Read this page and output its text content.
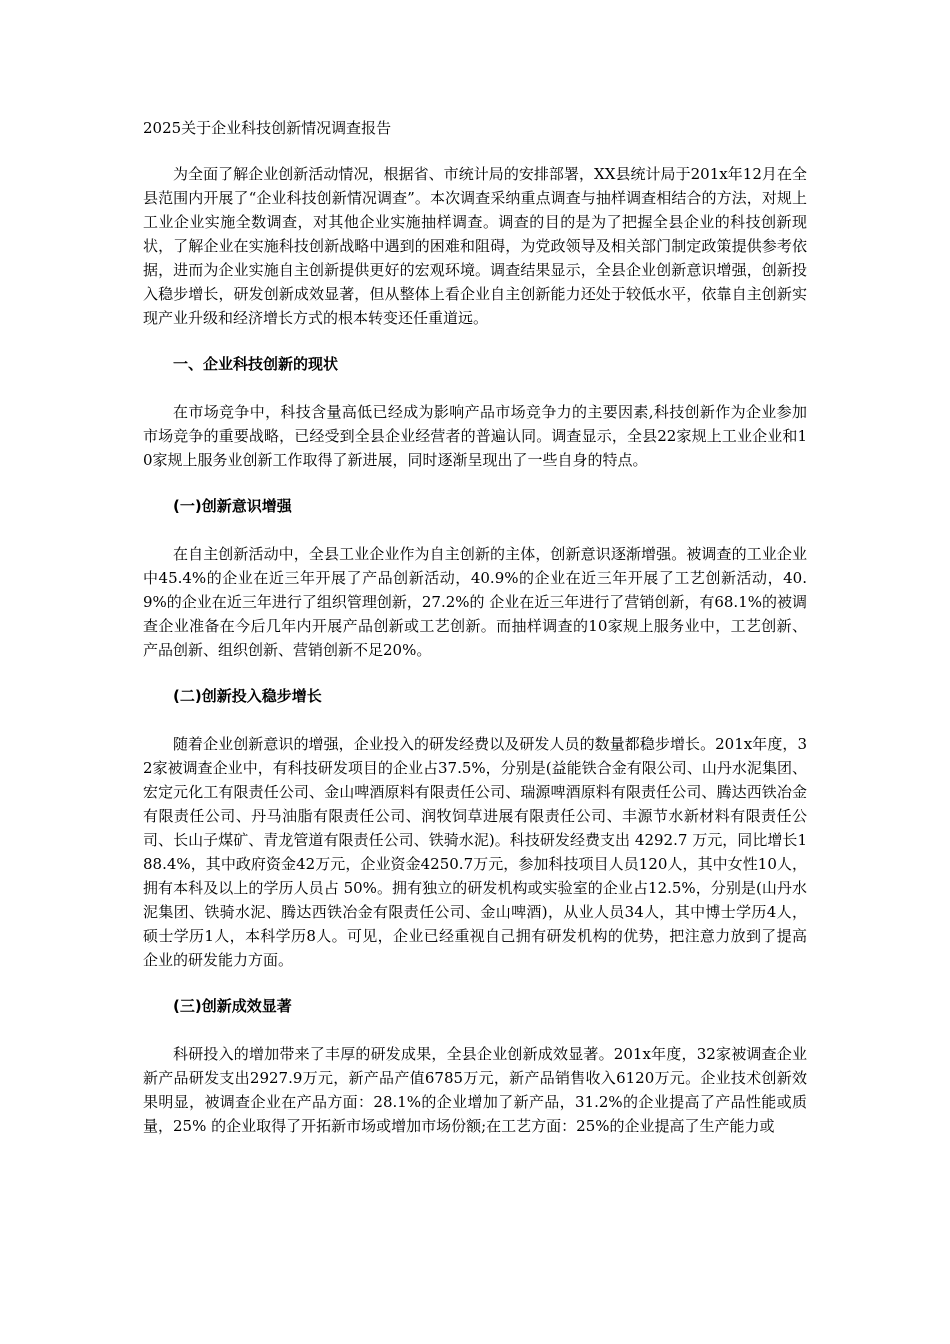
2025关于企业科技创新情况调查报告

为全面了解企业创新活动情况，根据省、市统计局的安排部署，XX县统计局于201x年12月在全县范围内开展了“企业科技创新情况调查”。本次调查采纳重点调查与抽样调查相结合的方法，对规上工业企业实施全数调查，对其他企业实施抽样调查。调查的目的是为了把握全县企业的科技创新现状，了解企业在实施科技创新战略中遇到的困难和阻碍，为党政领导及相关部门制定政策提供参考依据，进而为企业实施自主创新提供更好的宏观环境。调查结果显示，全县企业创新意识增强，创新投入稳步增长，研发创新成效显著，但从整体上看企业自主创新能力还处于较低水平，依靠自主创新实现产业升级和经济增长方式的根本转变还任重道远。

一、企业科技创新的现状

在市场竞争中，科技含量高低已经成为影响产品市场竞争力的主要因素,科技创新作为企业参加市场竞争的重要战略，已经受到全县企业经营者的普遍认同。调查显示，全县22家规上工业企业和10家规上服务业创新工作取得了新进展，同时逐渐呈现出了一些自身的特点。

(一)创新意识增强

在自主创新活动中，全县工业企业作为自主创新的主体，创新意识逐渐增强。被调查的工业企业中45.4%的企业在近三年开展了产品创新活动，40.9%的企业在近三年开展了工艺创新活动，40.9%的企业在近三年进行了组织管理创新，27.2%的 企业在近三年进行了营销创新，有68.1%的被调查企业准备在今后几年内开展产品创新或工艺创新。而抽样调查的10家规上服务业中，工艺创新、产品创新、组织创新、营销创新不足20%。

(二)创新投入稳步增长

随着企业创新意识的增强，企业投入的研发经费以及研发人员的数量都稳步增长。201x年度，32家被调查企业中，有科技研发项目的企业占37.5%，分别是(益能铁合金有限公司、山丹水泥集团、宏定元化工有限责任公司、金山啤酒原料有限责任公司、瑞源啤酒原料有限责任公司、腾达西铁冶金有限责任公司、丹马油脂有限责任公司、润牧饲草进展有限责任公司、丰源节水新材料有限责任公司、长山子煤矿、青龙管道有限责任公司、铁骑水泥)。科技研发经费支出 4292.7 万元，同比增长188.4%，其中政府资金42万元，企业资金4250.7万元，参加科技项目人员120人，其中女性10人，拥有本科及以上的学历人员占 50%。拥有独立的研发机构或实验室的企业占12.5%，分别是(山丹水泥集团、铁骑水泥、腾达西铁冶金有限责任公司、金山啤酒)，从业人员34人，其中博士学历4人，硕士学历1人，本科学历8人。可见，企业已经重视自己拥有研发机构的优势，把注意力放到了提高企业的研发能力方面。

(三)创新成效显著

科研投入的增加带来了丰厚的研发成果，全县企业创新成效显著。201x年度，32家被调查企业新产品研发支出2927.9万元，新产品产值6785万元，新产品销售收入6120万元。企业技术创新效果明显，被调查企业在产品方面：28.1%的企业增加了新产品，31.2%的企业提高了产品性能或质量，25% 的企业取得了开拓新市场或增加市场份额;在工艺方面：25%的企业提高了生产能力或
